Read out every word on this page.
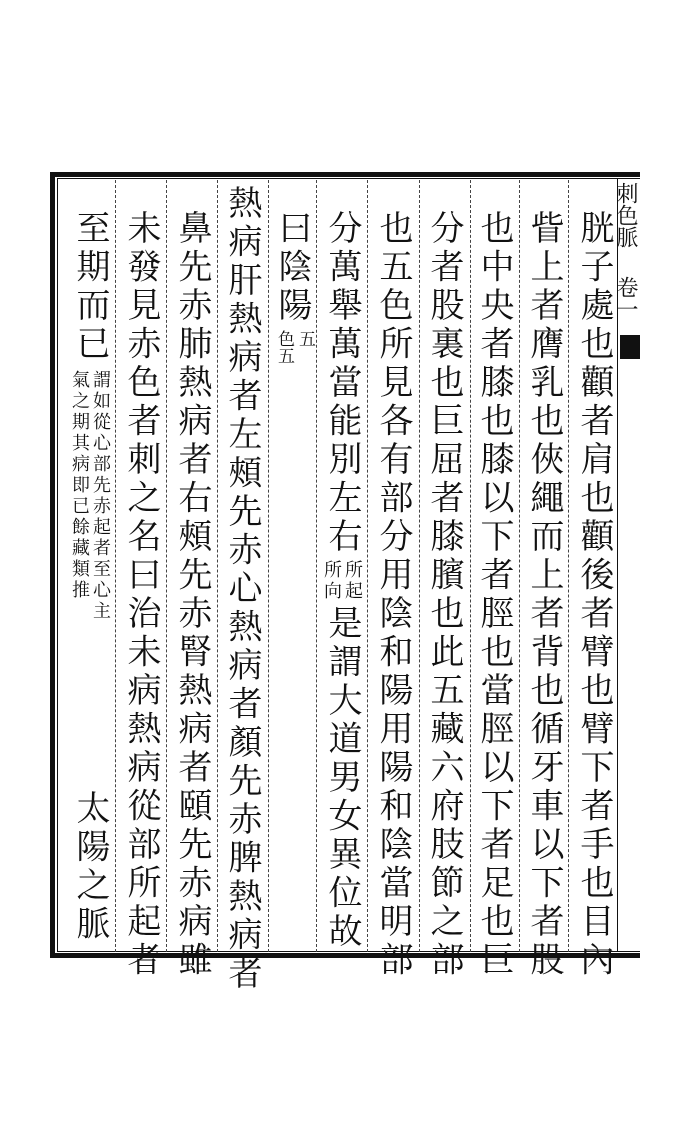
刺色脈卷一
胱子處也顴者肩也顴後者臂也臂下者手也目內
眥上者膺乳也俠繩而上者背也循牙車以下者股
也中央者膝也膝以下者脛也當脛以下者足也巨
分者股裏也巨屈者膝臏也此五藏六府肢節之部
也五色所見各有部分用陰和陽用陽和陰當明部
分萬舉萬當能別左右
所起
所向
是謂大道男女異位故
曰陰陽
五
色五
熱病肝熱病者左頰先赤心熱病者顏先赤脾熱病者
鼻先赤肺熱病者右頰先赤腎熱病者頤先赤病雖
未發見赤色者刺之名曰治未病熱病從部所起者
至期而已
謂如從心部先赤起者至心主
氣之期其病即已餘藏類推
太陽之脈
